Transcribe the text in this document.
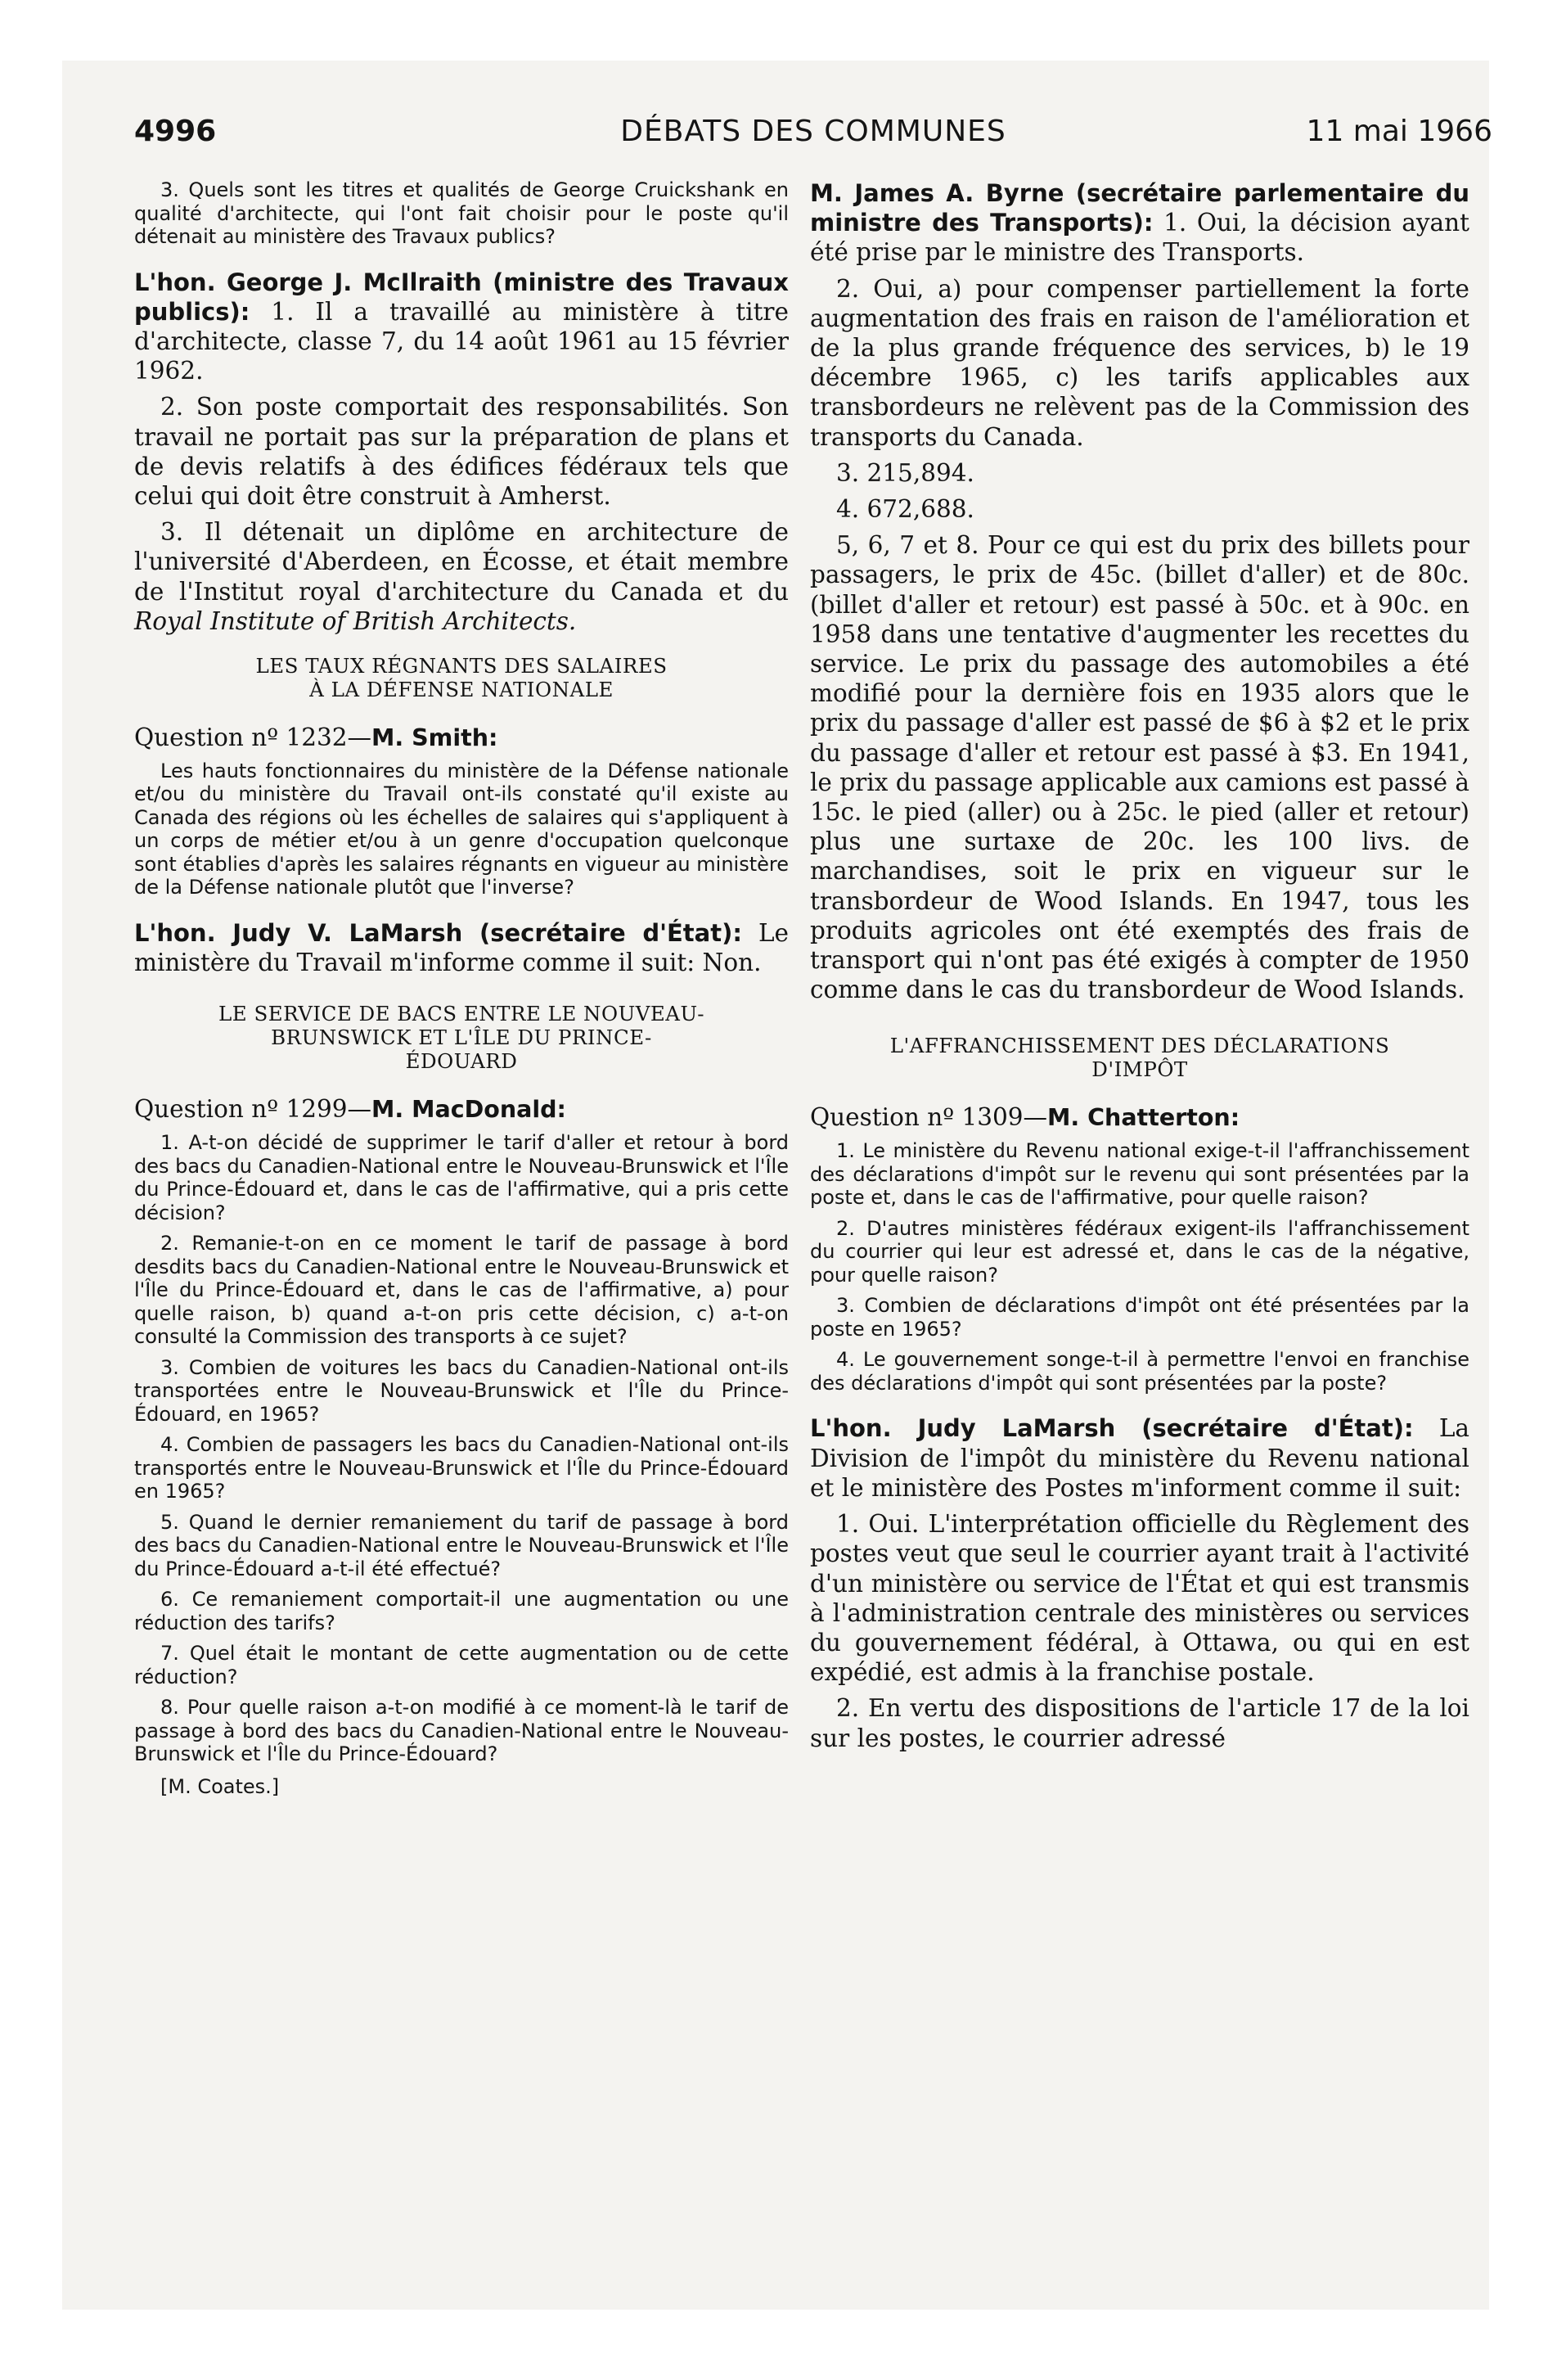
4996	DÉBATS DES COMMUNES	11 mai 1966

3. Quels sont les titres et qualités de George Cruickshank en qualité d'architecte, qui l'ont fait choisir pour le poste qu'il détenait au ministère des Travaux publics?

L'hon. George J. McIlraith (ministre des Travaux publics): 1. Il a travaillé au ministère à titre d'architecte, classe 7, du 14 août 1961 au 15 février 1962.

2. Son poste comportait des responsabilités. Son travail ne portait pas sur la préparation de plans et de devis relatifs à des édifices fédéraux tels que celui qui doit être construit à Amherst.

3. Il détenait un diplôme en architecture de l'université d'Aberdeen, en Écosse, et était membre de l'Institut royal d'architecture du Canada et du Royal Institute of British Architects.

LES TAUX RÉGNANTS DES SALAIRES
À LA DÉFENSE NATIONALE

Question nº 1232—M. Smith:

Les hauts fonctionnaires du ministère de la Défense nationale et/ou du ministère du Travail ont-ils constaté qu'il existe au Canada des régions où les échelles de salaires qui s'appliquent à un corps de métier et/ou à un genre d'occupation quelconque sont établies d'après les salaires régnants en vigueur au ministère de la Défense nationale plutôt que l'inverse?

L'hon. Judy V. LaMarsh (secrétaire d'État): Le ministère du Travail m'informe comme il suit: Non.

LE SERVICE DE BACS ENTRE LE NOUVEAU-
BRUNSWICK ET L'ÎLE DU PRINCE-
ÉDOUARD

Question nº 1299—M. MacDonald:

1. A-t-on décidé de supprimer le tarif d'aller et retour à bord des bacs du Canadien-National entre le Nouveau-Brunswick et l'Île du Prince-Édouard et, dans le cas de l'affirmative, qui a pris cette décision?

2. Remanie-t-on en ce moment le tarif de passage à bord desdits bacs du Canadien-National entre le Nouveau-Brunswick et l'Île du Prince-Édouard et, dans le cas de l'affirmative, a) pour quelle raison, b) quand a-t-on pris cette décision, c) a-t-on consulté la Commission des transports à ce sujet?

3. Combien de voitures les bacs du Canadien-National ont-ils transportées entre le Nouveau-Brunswick et l'Île du Prince-Édouard, en 1965?

4. Combien de passagers les bacs du Canadien-National ont-ils transportés entre le Nouveau-Brunswick et l'Île du Prince-Édouard en 1965?

5. Quand le dernier remaniement du tarif de passage à bord des bacs du Canadien-National entre le Nouveau-Brunswick et l'Île du Prince-Édouard a-t-il été effectué?

6. Ce remaniement comportait-il une augmentation ou une réduction des tarifs?

7. Quel était le montant de cette augmentation ou de cette réduction?

8. Pour quelle raison a-t-on modifié à ce moment-là le tarif de passage à bord des bacs du Canadien-National entre le Nouveau-Brunswick et l'Île du Prince-Édouard?

[M. Coates.]

M. James A. Byrne (secrétaire parlementaire du ministre des Transports): 1. Oui, la décision ayant été prise par le ministre des Transports.

2. Oui, a) pour compenser partiellement la forte augmentation des frais en raison de l'amélioration et de la plus grande fréquence des services, b) le 19 décembre 1965, c) les tarifs applicables aux transbordeurs ne relèvent pas de la Commission des transports du Canada.

3. 215,894.

4. 672,688.

5, 6, 7 et 8. Pour ce qui est du prix des billets pour passagers, le prix de 45c. (billet d'aller) et de 80c. (billet d'aller et retour) est passé à 50c. et à 90c. en 1958 dans une tentative d'augmenter les recettes du service. Le prix du passage des automobiles a été modifié pour la dernière fois en 1935 alors que le prix du passage d'aller est passé de $6 à $2 et le prix du passage d'aller et retour est passé à $3. En 1941, le prix du passage applicable aux camions est passé à 15c. le pied (aller) ou à 25c. le pied (aller et retour) plus une surtaxe de 20c. les 100 livs. de marchandises, soit le prix en vigueur sur le transbordeur de Wood Islands. En 1947, tous les produits agricoles ont été exemptés des frais de transport qui n'ont pas été exigés à compter de 1950 comme dans le cas du transbordeur de Wood Islands.

L'AFFRANCHISSEMENT DES DÉCLARATIONS
D'IMPÔT

Question nº 1309—M. Chatterton:

1. Le ministère du Revenu national exige-t-il l'affranchissement des déclarations d'impôt sur le revenu qui sont présentées par la poste et, dans le cas de l'affirmative, pour quelle raison?

2. D'autres ministères fédéraux exigent-ils l'affranchissement du courrier qui leur est adressé et, dans le cas de la négative, pour quelle raison?

3. Combien de déclarations d'impôt ont été présentées par la poste en 1965?

4. Le gouvernement songe-t-il à permettre l'envoi en franchise des déclarations d'impôt qui sont présentées par la poste?

L'hon. Judy LaMarsh (secrétaire d'État): La Division de l'impôt du ministère du Revenu national et le ministère des Postes m'informent comme il suit:

1. Oui. L'interprétation officielle du Règlement des postes veut que seul le courrier ayant trait à l'activité d'un ministère ou service de l'État et qui est transmis à l'administration centrale des ministères ou services du gouvernement fédéral, à Ottawa, ou qui en est expédié, est admis à la franchise postale.

2. En vertu des dispositions de l'article 17 de la loi sur les postes, le courrier adressé
